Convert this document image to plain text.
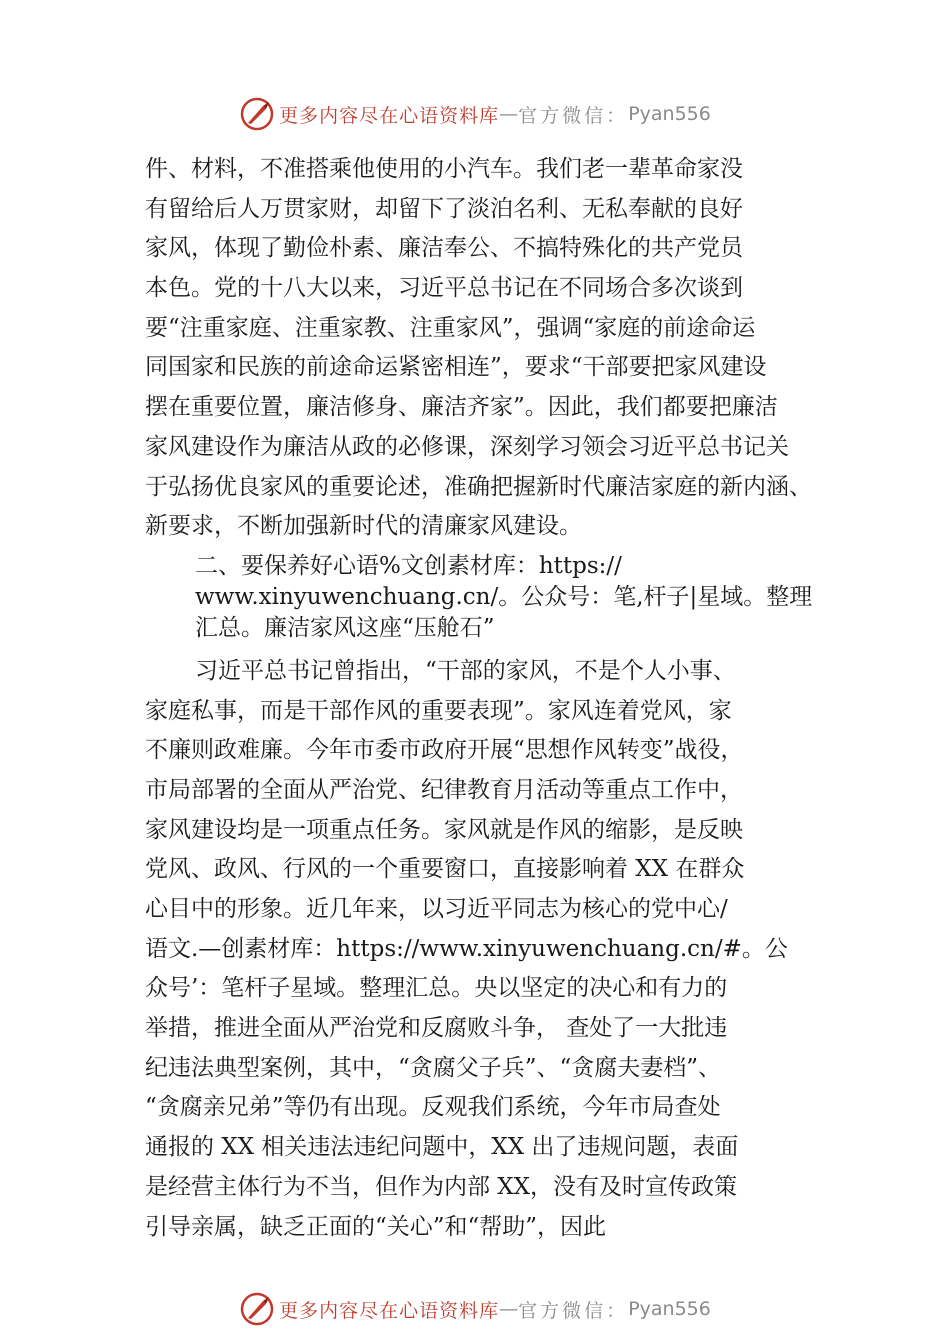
更多内容尽在心语资料库 — 官方微信： Pyan556
件、材料，不准搭乘他使用的小汽车。我们老一辈革命家没
有留给后人万贯家财，却留下了淡泊名利、无私奉献的良好
家风，体现了勤俭朴素、廉洁奉公、不搞特殊化的共产党员
本色。党的十八大以来，习近平总书记在不同场合多次谈到
要“注重家庭、注重家教、注重家风”，强调“家庭的前途命运
同国家和民族的前途命运紧密相连”，要求“干部要把家风建设
摆在重要位置，廉洁修身、廉洁齐家”。因此，我们都要把廉洁
家风建设作为廉洁从政的必修课，深刻学习领会习近平总书记关
于弘扬优良家风的重要论述，准确把握新时代廉洁家庭的新内涵、
新要求，不断加强新时代的清廉家风建设。
二、要保养好心语%文创素材库：https://
www.xinyuwenchuang.cn/。公众号：笔,杆子|星域。整理
汇总。廉洁家风这座“压舱石”
习近平总书记曾指出，“干部的家风，不是个人小事、
家庭私事，而是干部作风的重要表现”。家风连着党风，家
不廉则政难廉。今年市委市政府开展“思想作风转变”战役，
市局部署的全面从严治党、纪律教育月活动等重点工作中，
家风建设均是一项重点任务。家风就是作风的缩影，是反映
党风、政风、行风的一个重要窗口，直接影响着 XX 在群众
心目中的形象。近几年来，以习近平同志为核心的党中心/
语文.—创素材库：https://www.xinyuwenchuang.cn/#。公
众号’：笔杆子星域。整理汇总。央以坚定的决心和有力的
举措，推进全面从严治党和反腐败斗争， 查处了一大批违
纪违法典型案例，其中，“贪腐父子兵”、“贪腐夫妻档”、
“贪腐亲兄弟”等仍有出现。反观我们系统，今年市局查处
通报的 XX 相关违法违纪问题中，XX 出了违规问题，表面
是经营主体行为不当，但作为内部 XX，没有及时宣传政策
引导亲属，缺乏正面的“关心”和“帮助”，因此
更多内容尽在心语资料库 — 官方微信： Pyan556
